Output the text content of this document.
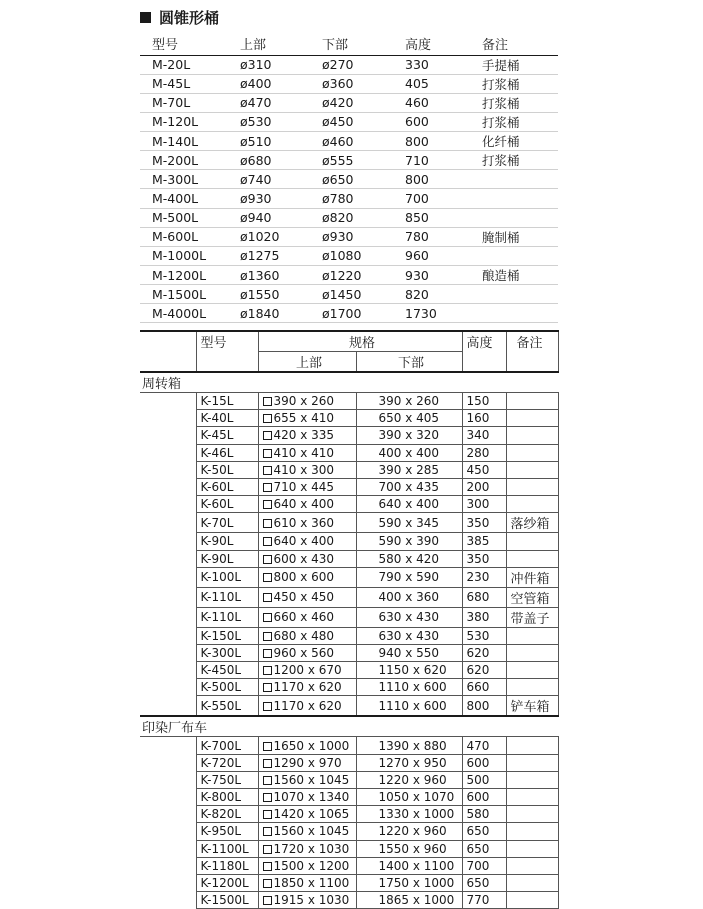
圆锥形桶
型号	上部	下部	高度	备注
M-20L	ø310	ø270	330	手提桶
M-45L	ø400	ø360	405	打浆桶
M-70L	ø470	ø420	460	打浆桶
M-120L	ø530	ø450	600	打浆桶
M-140L	ø510	ø460	800	化纤桶
M-200L	ø680	ø555	710	打浆桶
M-300L	ø740	ø650	800	
M-400L	ø930	ø780	700	
M-500L	ø940	ø820	850	
M-600L	ø1020	ø930	780	腌制桶
M-1000L	ø1275	ø1080	960	
M-1200L	ø1360	ø1220	930	酿造桶
M-1500L	ø1550	ø1450	820	
M-4000L	ø1840	ø1700	1730	
	型号	规格		高度	备注
		上部	下部		
周转箱					
	K-15L	390 x 260	390 x 260	150	
	K-40L	655 x 410	650 x 405	160	
	K-45L	420 x 335	390 x 320	340	
	K-46L	410 x 410	400 x 400	280	
	K-50L	410 x 300	390 x 285	450	
	K-60L	710 x 445	700 x 435	200	
	K-60L	640 x 400	640 x 400	300	
	K-70L	610 x 360	590 x 345	350	落纱箱
	K-90L	640 x 400	590 x 390	385	
	K-90L	600 x 430	580 x 420	350	
	K-100L	800 x 600	790 x 590	230	冲件箱
	K-110L	450 x 450	400 x 360	680	空管箱
	K-110L	660 x 460	630 x 430	380	带盖子
	K-150L	680 x 480	630 x 430	530	
	K-300L	960 x 560	940 x 550	620	
	K-450L	1200 x 670	1150 x 620	620	
	K-500L	1170 x 620	1110 x 600	660	
	K-550L	1170 x 620	1110 x 600	800	铲车箱
印染厂布车					
	K-700L	1650 x 1000	1390 x 880	470	
	K-720L	1290 x 970	1270 x 950	600	
	K-750L	1560 x 1045	1220 x 960	500	
	K-800L	1070 x 1340	1050 x 1070	600	
	K-820L	1420 x 1065	1330 x 1000	580	
	K-950L	1560 x 1045	1220 x 960	650	
	K-1100L	1720 x 1030	1550 x 960	650	
	K-1180L	1500 x 1200	1400 x 1100	700	
	K-1200L	1850 x 1100	1750 x 1000	650	
	K-1500L	1915 x 1030	1865 x 1000	770	
